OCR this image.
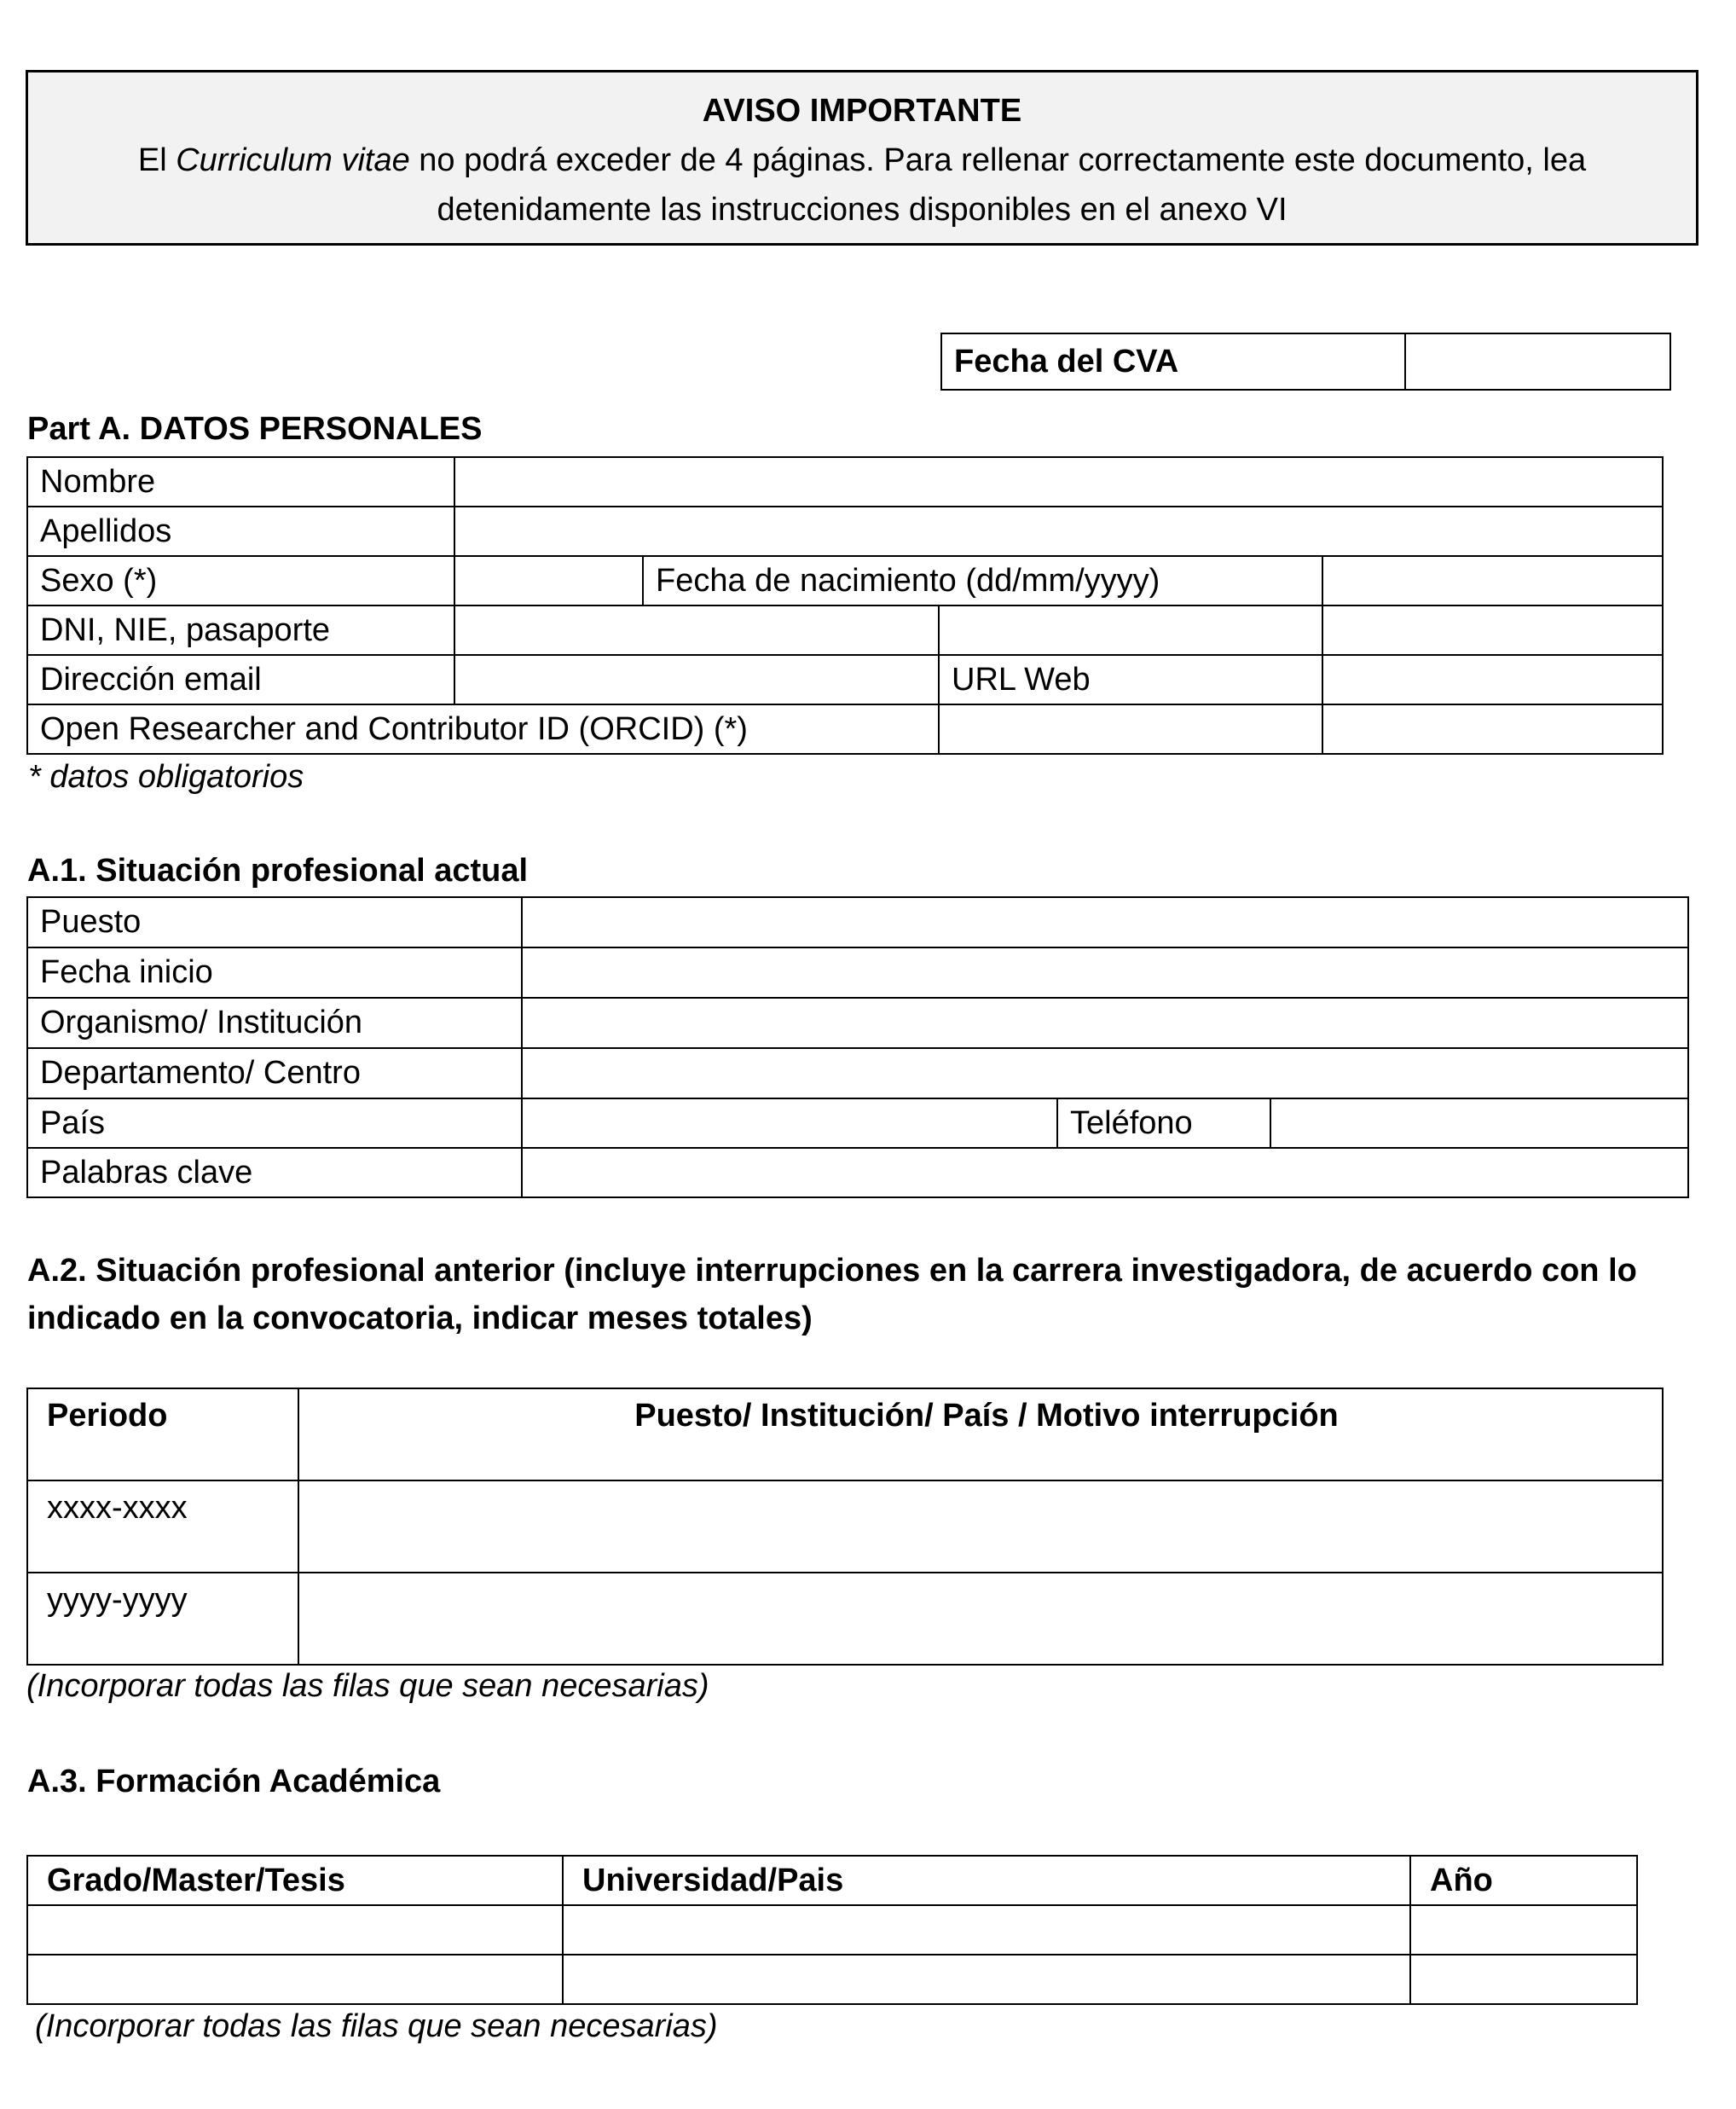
AVISO IMPORTANTE
El Curriculum vitae no podrá exceder de 4 páginas. Para rellenar correctamente este documento, lea
detenidamente las instrucciones disponibles en el anexo VI
Fecha del CVA	
Part A. DATOS PERSONALES
Nombre				
Apellidos				
Sexo (*)		Fecha de nacimiento (dd/mm/yyyy)		
DNI, NIE, pasaporte				
Dirección email			URL Web	
Open Researcher and Contributor ID (ORCID) (*)				
* datos obligatorios
A.1. Situación profesional actual
Puesto			
Fecha inicio			
Organismo/ Institución			
Departamento/ Centro			
País		Teléfono	
Palabras clave			
A.2. Situación profesional anterior (incluye interrupciones en la carrera investigadora, de acuerdo con lo
indicado en la convocatoria, indicar meses totales)
Periodo	Puesto/ Institución/ País / Motivo interrupción
xxxx-xxxx	
yyyy-yyyy	
(Incorporar todas las filas que sean necesarias)
A.3. Formación Académica
Grado/Master/Tesis	Universidad/Pais	Año

(Incorporar todas las filas que sean necesarias)
